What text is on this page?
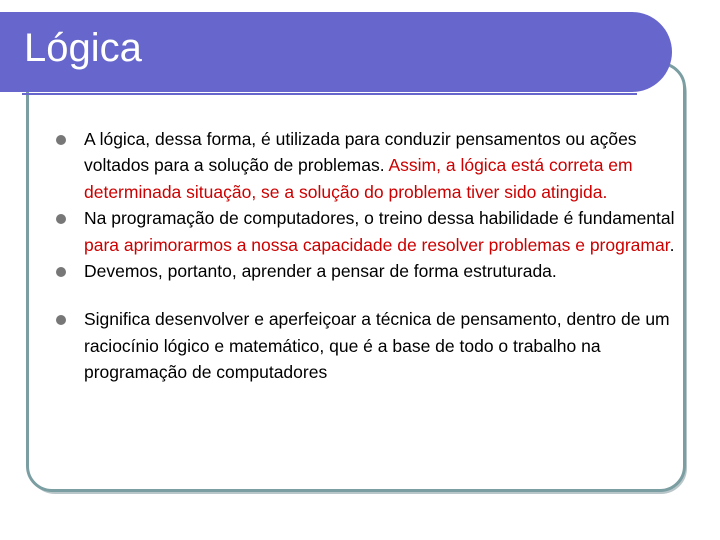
Lógica
A lógica, dessa forma, é utilizada para conduzir pensamentos ou ações voltados para a solução de problemas. Assim, a lógica está correta em determinada situação, se a solução do problema tiver sido atingida.
Na programação de computadores, o treino dessa habilidade é fundamental para aprimorarmos a nossa capacidade de resolver problemas e programar.
Devemos, portanto, aprender a pensar de forma estruturada.
Significa desenvolver e aperfeiçoar a técnica de pensamento, dentro de um raciocínio lógico e matemático, que é a base de todo o trabalho na programação de computadores
